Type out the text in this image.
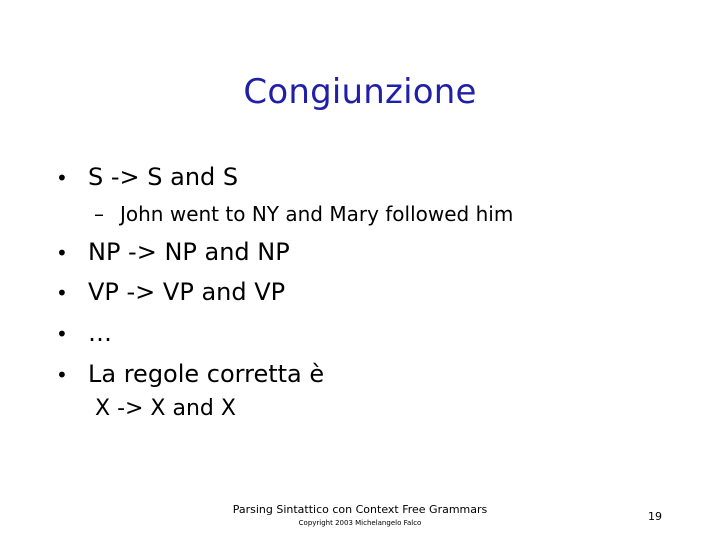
Congiunzione
• S -> S and S
– John went to NY and Mary followed him
• NP -> NP and NP
• VP -> VP and VP
• …
• La regole corretta è
X -> X and X
Parsing Sintattico con Context Free Grammars
Copyright 2003 Michelangelo Falco	19
